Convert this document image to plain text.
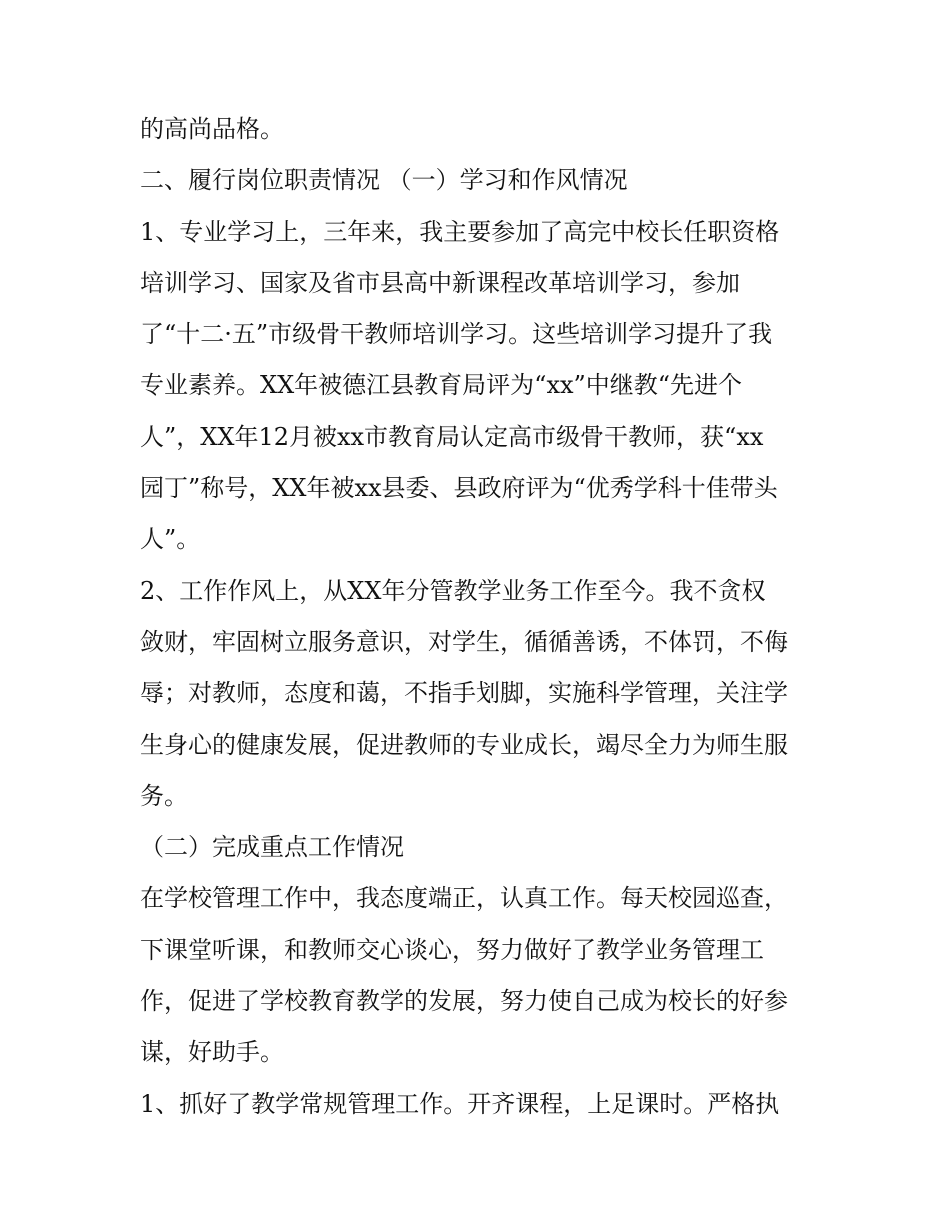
的高尚品格。
二、履行岗位职责情况 （一）学习和作风情况
1、专业学习上，三年来，我主要参加了高完中校长任职资格
培训学习、国家及省市县高中新课程改革培训学习，参加
了“十二·五”市级骨干教师培训学习。这些培训学习提升了我
专业素养。XX年被德江县教育局评为“xx”中继教“先进个
人”，XX年12月被xx市教育局认定高市级骨干教师，获“xx
园丁”称号，XX年被xx县委、县政府评为“优秀学科十佳带头
人”。
2、工作作风上，从XX年分管教学业务工作至今。我不贪权
敛财，牢固树立服务意识，对学生，循循善诱，不体罚，不侮
辱；对教师，态度和蔼，不指手划脚，实施科学管理，关注学
生身心的健康发展，促进教师的专业成长，竭尽全力为师生服
务。
（二）完成重点工作情况
在学校管理工作中，我态度端正，认真工作。每天校园巡查，
下课堂听课，和教师交心谈心，努力做好了教学业务管理工
作，促进了学校教育教学的发展，努力使自己成为校长的好参
谋，好助手。
1、抓好了教学常规管理工作。开齐课程，上足课时。严格执
